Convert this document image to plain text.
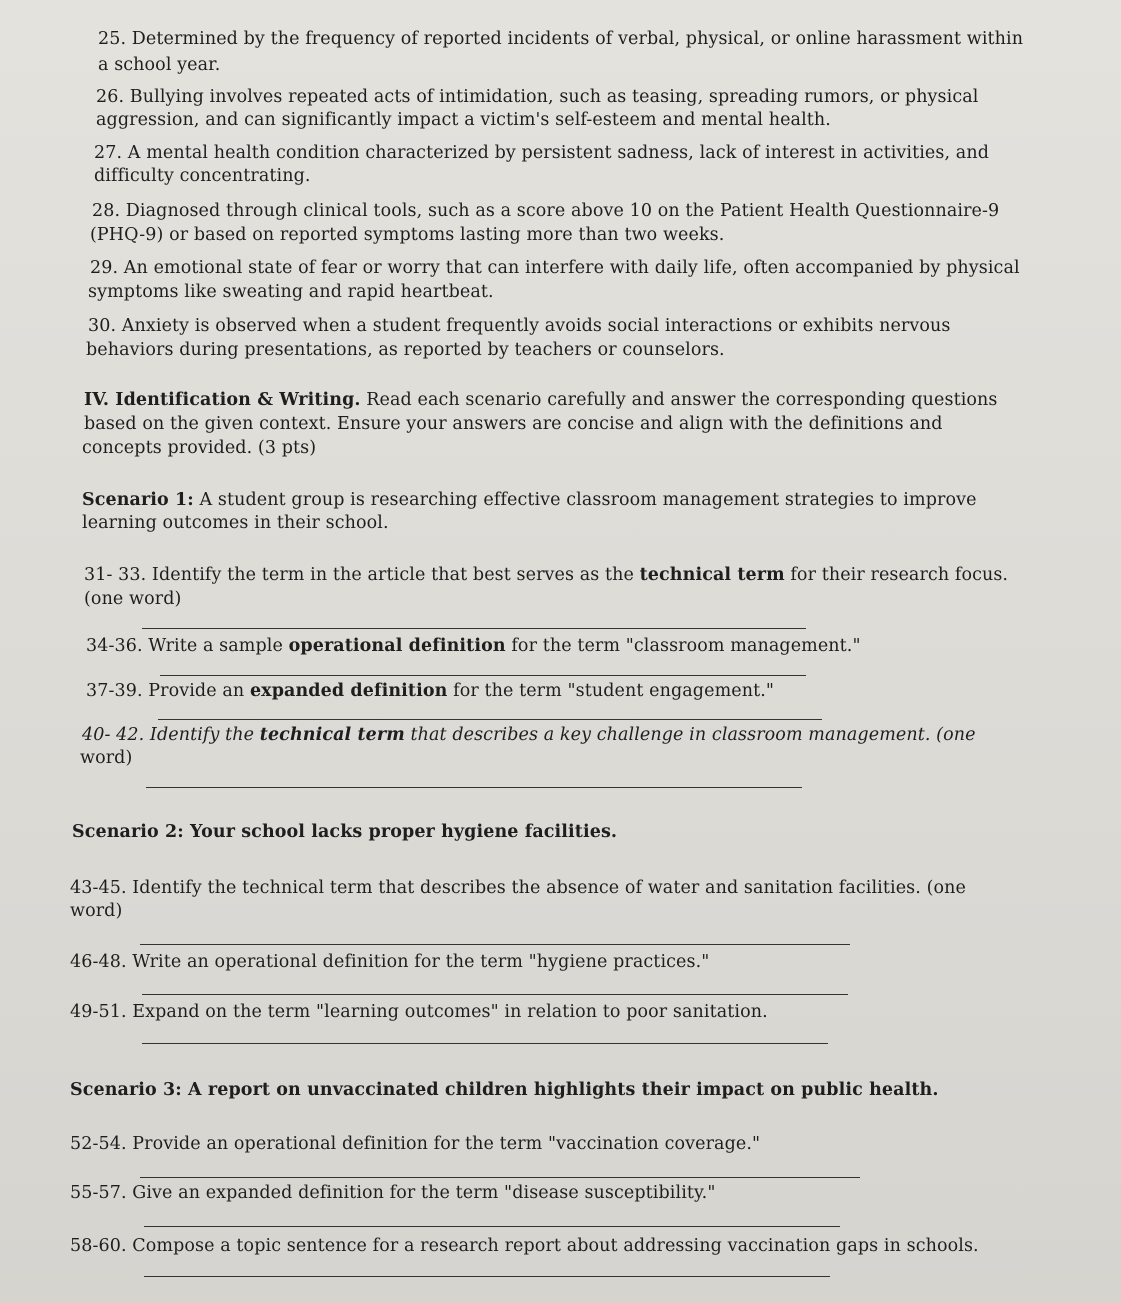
25. Determined by the frequency of reported incidents of verbal, physical, or online harassment within
a school year.
26. Bullying involves repeated acts of intimidation, such as teasing, spreading rumors, or physical
aggression, and can significantly impact a victim's self-esteem and mental health.
27. A mental health condition characterized by persistent sadness, lack of interest in activities, and
difficulty concentrating.
28. Diagnosed through clinical tools, such as a score above 10 on the Patient Health Questionnaire-9
(PHQ-9) or based on reported symptoms lasting more than two weeks.
29. An emotional state of fear or worry that can interfere with daily life, often accompanied by physical
symptoms like sweating and rapid heartbeat.
30. Anxiety is observed when a student frequently avoids social interactions or exhibits nervous
behaviors during presentations, as reported by teachers or counselors.
IV. Identification & Writing. Read each scenario carefully and answer the corresponding questions
based on the given context. Ensure your answers are concise and align with the definitions and
concepts provided. (3 pts)
Scenario 1: A student group is researching effective classroom management strategies to improve
learning outcomes in their school.
31- 33. Identify the term in the article that best serves as the technical term for their research focus.
(one word)
34-36. Write a sample operational definition for the term "classroom management."
37-39. Provide an expanded definition for the term "student engagement."
40- 42. Identify the technical term that describes a key challenge in classroom management. (one
word)
Scenario 2: Your school lacks proper hygiene facilities.
43-45. Identify the technical term that describes the absence of water and sanitation facilities. (one
word)
46-48. Write an operational definition for the term "hygiene practices."
49-51. Expand on the term "learning outcomes" in relation to poor sanitation.
Scenario 3: A report on unvaccinated children highlights their impact on public health.
52-54. Provide an operational definition for the term "vaccination coverage."
55-57. Give an expanded definition for the term "disease susceptibility."
58-60. Compose a topic sentence for a research report about addressing vaccination gaps in schools.
